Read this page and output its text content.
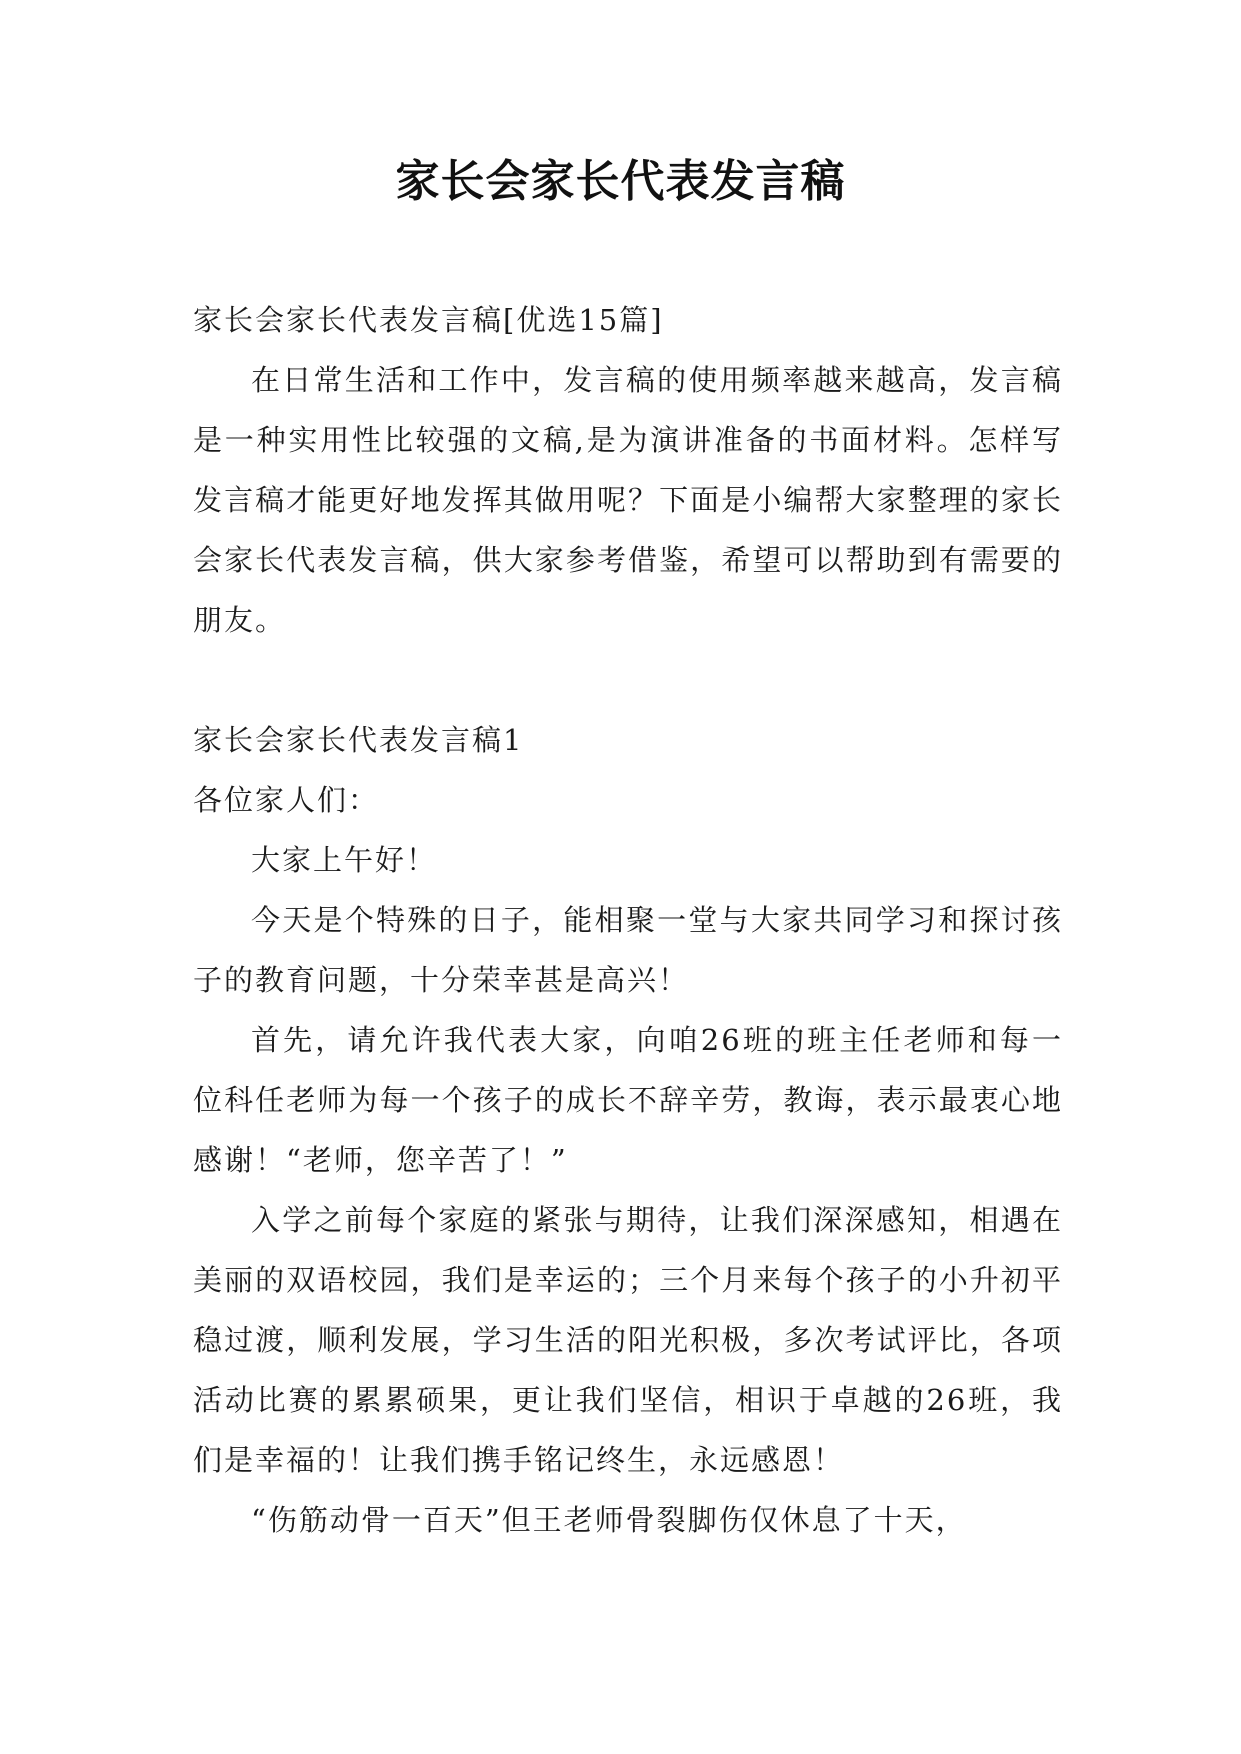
家长会家长代表发言稿

家长会家长代表发言稿[优选15篇]

在日常生活和工作中，发言稿的使用频率越来越高，发言稿是一种实用性比较强的文稿,是为演讲准备的书面材料。怎样写发言稿才能更好地发挥其做用呢？下面是小编帮大家整理的家长会家长代表发言稿，供大家参考借鉴，希望可以帮助到有需要的朋友。

家长会家长代表发言稿1

各位家人们：

大家上午好！

今天是个特殊的日子，能相聚一堂与大家共同学习和探讨孩子的教育问题，十分荣幸甚是高兴！

首先，请允许我代表大家，向咱26班的班主任老师和每一位科任老师为每一个孩子的成长不辞辛劳，教诲，表示最衷心地感谢！“老师，您辛苦了！”

入学之前每个家庭的紧张与期待，让我们深深感知，相遇在美丽的双语校园，我们是幸运的；三个月来每个孩子的小升初平稳过渡，顺利发展，学习生活的阳光积极，多次考试评比，各项活动比赛的累累硕果，更让我们坚信，相识于卓越的26班，我们是幸福的！让我们携手铭记终生，永远感恩！

“伤筋动骨一百天”但王老师骨裂脚伤仅休息了十天，
